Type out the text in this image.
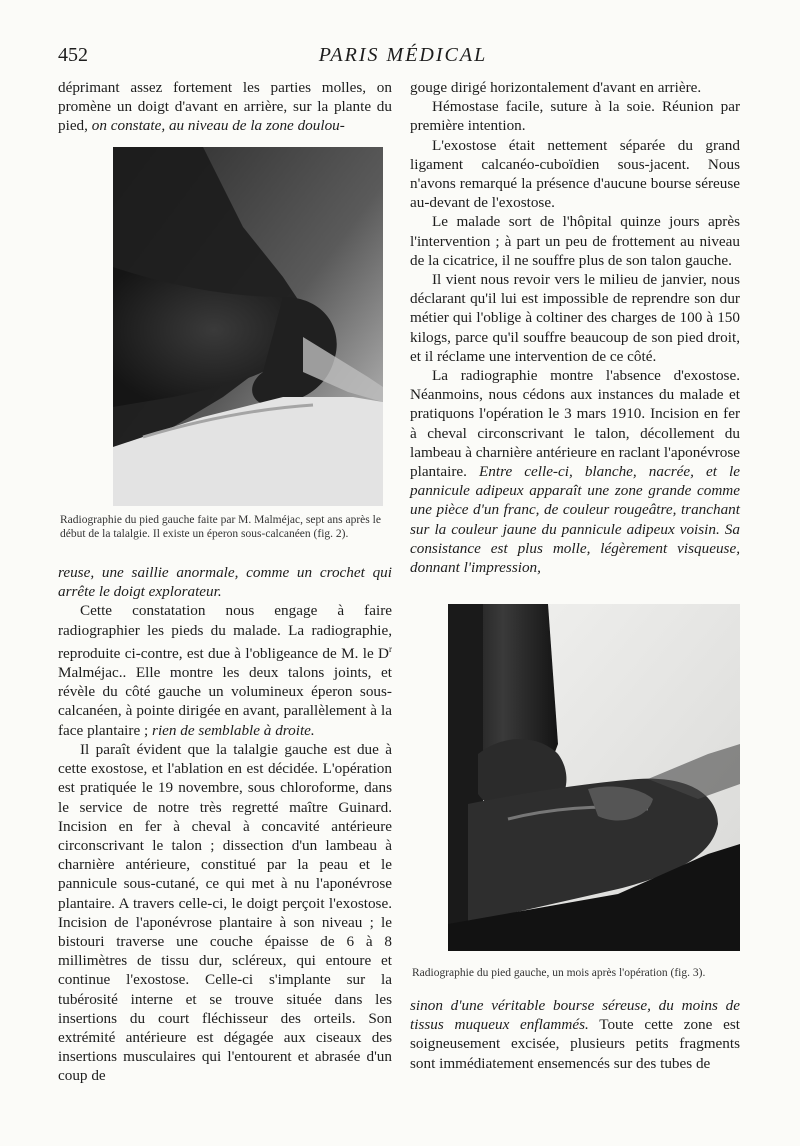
452	PARIS MÉDICAL

déprimant assez fortement les parties molles, on promène un doigt d'avant en arrière, sur la plante du pied, on constate, au niveau de la zone doulou-

Radiographie du pied gauche faite par M. Malméjac, sept ans après le début de la talalgie. Il existe un éperon sous-calcanéen (fig. 2).

reuse, une saillie anormale, comme un crochet qui arrête le doigt explorateur.

Cette constatation nous engage à faire radiographier les pieds du malade. La radiographie, reproduite ci-contre, est due à l'obligeance de M. le $D^r$ Malméjac.. Elle montre les deux talons joints, et révèle du côté gauche un volumineux éperon sous-calcanéen, à pointe dirigée en avant, parallèlement à la face plantaire ; rien de semblable à droite.

Il paraît évident que la talalgie gauche est due à cette exostose, et l'ablation en est décidée. L'opération est pratiquée le 19 novembre, sous chloroforme, dans le service de notre très regretté maître Guinard. Incision en fer à cheval à concavité antérieure circonscrivant le talon ; dissection d'un lambeau à charnière antérieure, constitué par la peau et le pannicule sous-cutané, ce qui met à nu l'aponévrose plantaire. A travers celle-ci, le doigt perçoit l'exostose. Incision de l'aponévrose plantaire à son niveau ; le bistouri traverse une couche épaisse de 6 à 8 millimètres de tissu dur, scléreux, qui entoure et continue l'exostose. Celle-ci s'implante sur la tubérosité interne et se trouve située dans les insertions du court fléchisseur des orteils. Son extrémité antérieure est dégagée aux ciseaux des insertions musculaires qui l'entourent et abrasée d'un coup de

gouge dirigé horizontalement d'avant en arrière.

Hémostase facile, suture à la soie. Réunion par première intention.

L'exostose était nettement séparée du grand ligament calcanéo-cuboïdien sous-jacent. Nous n'avons remarqué la présence d'aucune bourse séreuse au-devant de l'exostose.

Le malade sort de l'hôpital quinze jours après l'intervention ; à part un peu de frottement au niveau de la cicatrice, il ne souffre plus de son talon gauche.

Il vient nous revoir vers le milieu de janvier, nous déclarant qu'il lui est impossible de reprendre son dur métier qui l'oblige à coltiner des charges de 100 à 150 kilogs, parce qu'il souffre beaucoup de son pied droit, et il réclame une intervention de ce côté.

La radiographie montre l'absence d'exostose. Néanmoins, nous cédons aux instances du malade et pratiquons l'opération le 3 mars 1910. Incision en fer à cheval circonscrivant le talon, décollement du lambeau à charnière antérieure en raclant l'aponévrose plantaire. Entre celle-ci, blanche, nacrée, et le pannicule adipeux apparaît une zone grande comme une pièce d'un franc, de couleur rougeâtre, tranchant sur la couleur jaune du pannicule adipeux voisin. Sa consistance est plus molle, légèrement visqueuse, donnant l'impression,

Radiographie du pied gauche, un mois après l'opération (fig. 3).

sinon d'une véritable bourse séreuse, du moins de tissus muqueux enflammés. Toute cette zone est soigneusement excisée, plusieurs petits fragments sont immédiatement ensemencés sur des tubes de
